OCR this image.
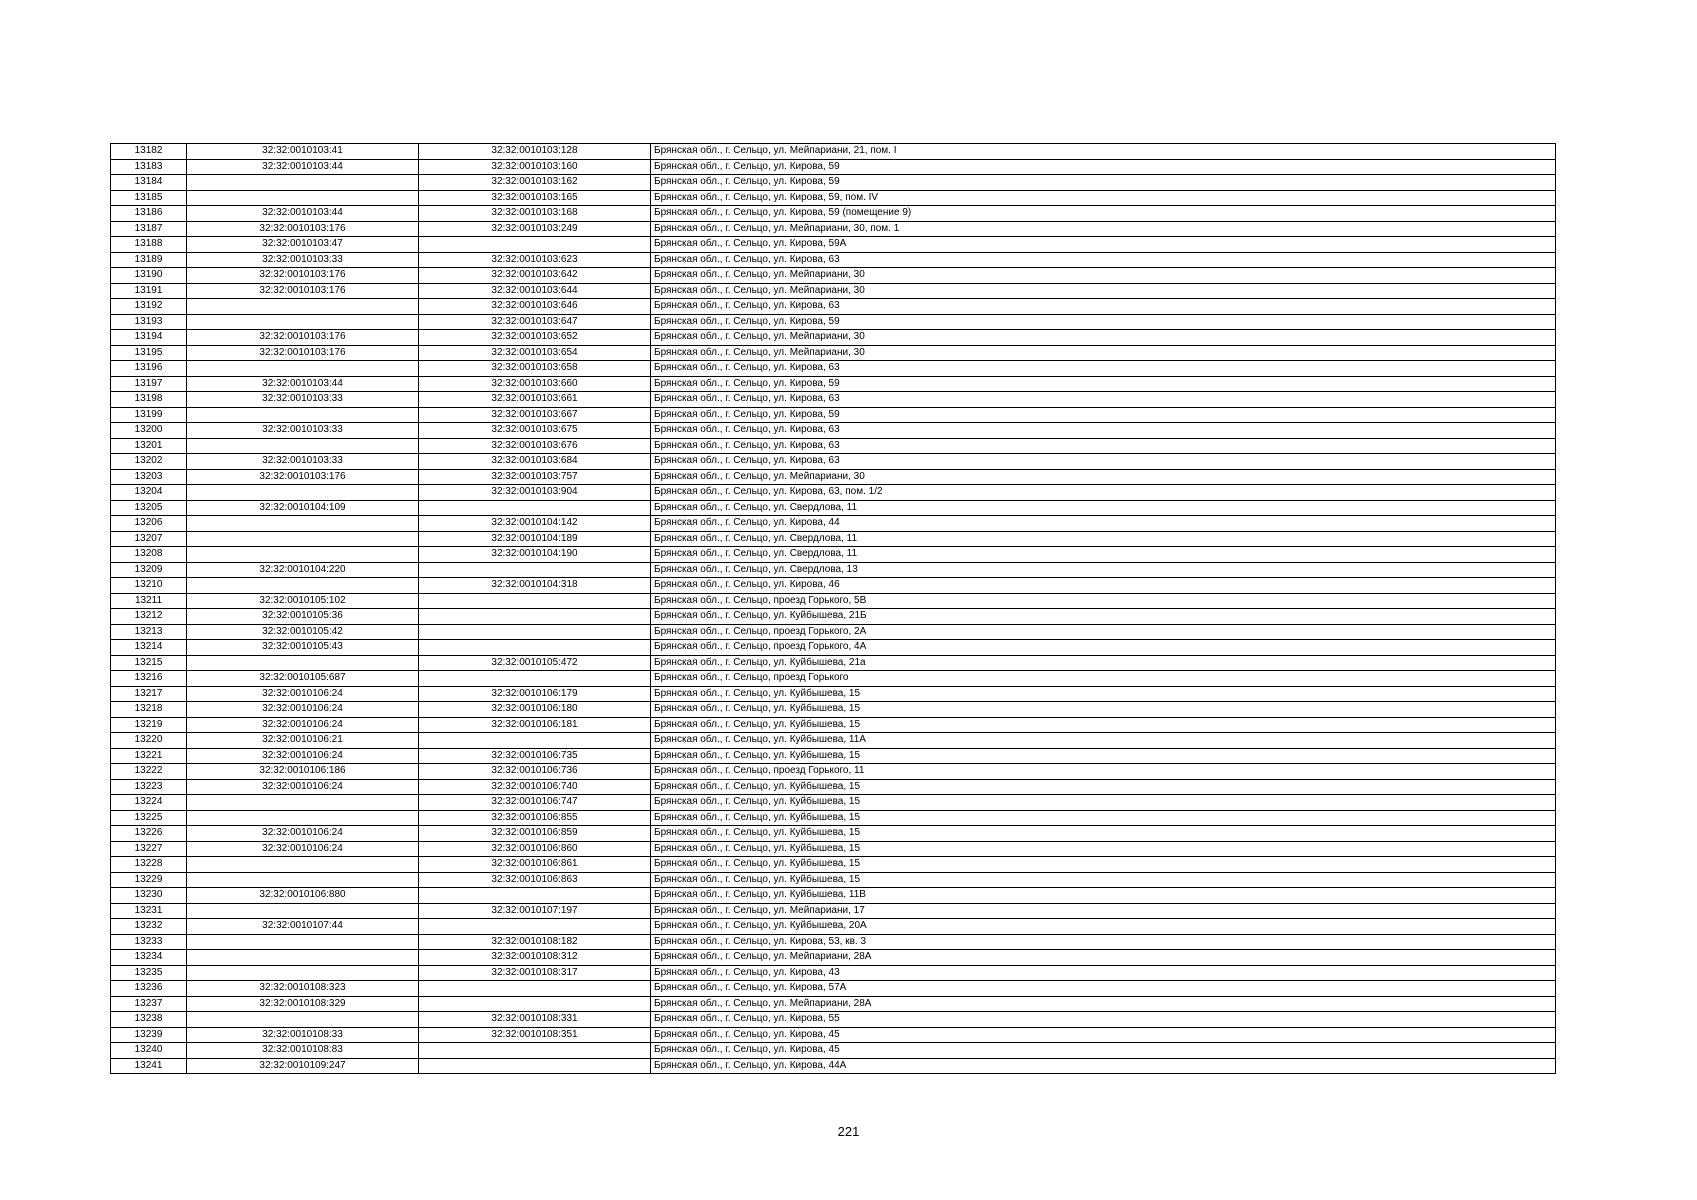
13182	32:32:0010103:41	32:32:0010103:128	Брянская обл., г. Сельцо, ул. Мейпариани, 21, пом. I
13183	32:32:0010103:44	32:32:0010103:160	Брянская обл., г. Сельцо, ул. Кирова, 59
13184		32:32:0010103:162	Брянская обл., г. Сельцо, ул. Кирова, 59
13185		32:32:0010103:165	Брянская обл., г. Сельцо, ул. Кирова, 59, пом. IV
13186	32:32:0010103:44	32:32:0010103:168	Брянская обл., г. Сельцо, ул. Кирова, 59 (помещение 9)
13187	32:32:0010103:176	32:32:0010103:249	Брянская обл., г. Сельцо, ул. Мейпариани, 30, пом. 1
13188	32:32:0010103:47		Брянская обл., г. Сельцо, ул. Кирова, 59А
13189	32:32:0010103:33	32:32:0010103:623	Брянская обл., г. Сельцо, ул. Кирова, 63
13190	32:32:0010103:176	32:32:0010103:642	Брянская обл., г. Сельцо, ул. Мейпариани, 30
13191	32:32:0010103:176	32:32:0010103:644	Брянская обл., г. Сельцо, ул. Мейпариани, 30
13192		32:32:0010103:646	Брянская обл., г. Сельцо, ул. Кирова, 63
13193		32:32:0010103:647	Брянская обл., г. Сельцо, ул. Кирова, 59
13194	32:32:0010103:176	32:32:0010103:652	Брянская обл., г. Сельцо, ул. Мейпариани, 30
13195	32:32:0010103:176	32:32:0010103:654	Брянская обл., г. Сельцо, ул. Мейпариани, 30
13196		32:32:0010103:658	Брянская обл., г. Сельцо, ул. Кирова, 63
13197	32:32:0010103:44	32:32:0010103:660	Брянская обл., г. Сельцо, ул. Кирова, 59
13198	32:32:0010103:33	32:32:0010103:661	Брянская обл., г. Сельцо, ул. Кирова, 63
13199		32:32:0010103:667	Брянская обл., г. Сельцо, ул. Кирова, 59
13200	32:32:0010103:33	32:32:0010103:675	Брянская обл., г. Сельцо, ул. Кирова, 63
13201		32:32:0010103:676	Брянская обл., г. Сельцо, ул. Кирова, 63
13202	32:32:0010103:33	32:32:0010103:684	Брянская обл., г. Сельцо, ул. Кирова, 63
13203	32:32:0010103:176	32:32:0010103:757	Брянская обл., г. Сельцо, ул. Мейпариани, 30
13204		32:32:0010103:904	Брянская обл., г. Сельцо, ул. Кирова, 63, пом. 1/2
13205	32:32:0010104:109		Брянская обл., г. Сельцо, ул. Свердлова, 11
13206		32:32:0010104:142	Брянская обл., г. Сельцо, ул. Кирова, 44
13207		32:32:0010104:189	Брянская обл., г. Сельцо, ул. Свердлова, 11
13208		32:32:0010104:190	Брянская обл., г. Сельцо, ул. Свердлова, 11
13209	32:32:0010104:220		Брянская обл., г. Сельцо, ул. Свердлова, 13
13210		32:32:0010104:318	Брянская обл., г. Сельцо, ул. Кирова, 46
13211	32:32:0010105:102		Брянская обл., г. Сельцо, проезд Горького, 5В
13212	32:32:0010105:36		Брянская обл., г. Сельцо, ул. Куйбышева, 21Б
13213	32:32:0010105:42		Брянская обл., г. Сельцо, проезд Горького, 2А
13214	32:32:0010105:43		Брянская обл., г. Сельцо, проезд Горького, 4А
13215		32:32:0010105:472	Брянская обл., г. Сельцо, ул. Куйбышева, 21а
13216	32:32:0010105:687		Брянская обл., г. Сельцо, проезд Горького
13217	32:32:0010106:24	32:32:0010106:179	Брянская обл., г. Сельцо, ул. Куйбышева, 15
13218	32:32:0010106:24	32:32:0010106:180	Брянская обл., г. Сельцо, ул. Куйбышева, 15
13219	32:32:0010106:24	32:32:0010106:181	Брянская обл., г. Сельцо, ул. Куйбышева, 15
13220	32:32:0010106:21		Брянская обл., г. Сельцо, ул. Куйбышева, 11А
13221	32:32:0010106:24	32:32:0010106:735	Брянская обл., г. Сельцо, ул. Куйбышева, 15
13222	32:32:0010106:186	32:32:0010106:736	Брянская обл., г. Сельцо, проезд Горького, 11
13223	32:32:0010106:24	32:32:0010106:740	Брянская обл., г. Сельцо, ул. Куйбышева, 15
13224		32:32:0010106:747	Брянская обл., г. Сельцо, ул. Куйбышева, 15
13225		32:32:0010106:855	Брянская обл., г. Сельцо, ул. Куйбышева, 15
13226	32:32:0010106:24	32:32:0010106:859	Брянская обл., г. Сельцо, ул. Куйбышева, 15
13227	32:32:0010106:24	32:32:0010106:860	Брянская обл., г. Сельцо, ул. Куйбышева, 15
13228		32:32:0010106:861	Брянская обл., г. Сельцо, ул. Куйбышева, 15
13229		32:32:0010106:863	Брянская обл., г. Сельцо, ул. Куйбышева, 15
13230	32:32:0010106:880		Брянская обл., г. Сельцо, ул. Куйбышева, 11В
13231		32:32:0010107:197	Брянская обл., г. Сельцо, ул. Мейпариани, 17
13232	32:32:0010107:44		Брянская обл., г. Сельцо, ул. Куйбышева, 20А
13233		32:32:0010108:182	Брянская обл., г. Сельцо, ул. Кирова, 53, кв. 3
13234		32:32:0010108:312	Брянская обл., г. Сельцо, ул. Мейпариани, 28А
13235		32:32:0010108:317	Брянская обл., г. Сельцо, ул. Кирова, 43
13236	32:32:0010108:323		Брянская обл., г. Сельцо, ул. Кирова, 57А
13237	32:32:0010108:329		Брянская обл., г. Сельцо, ул. Мейпариани, 28А
13238		32:32:0010108:331	Брянская обл., г. Сельцо, ул. Кирова, 55
13239	32:32:0010108:33	32:32:0010108:351	Брянская обл., г. Сельцо, ул. Кирова, 45
13240	32:32:0010108:83		Брянская обл., г. Сельцо, ул. Кирова, 45
13241	32:32:0010109:247		Брянская обл., г. Сельцо, ул. Кирова, 44А
221
